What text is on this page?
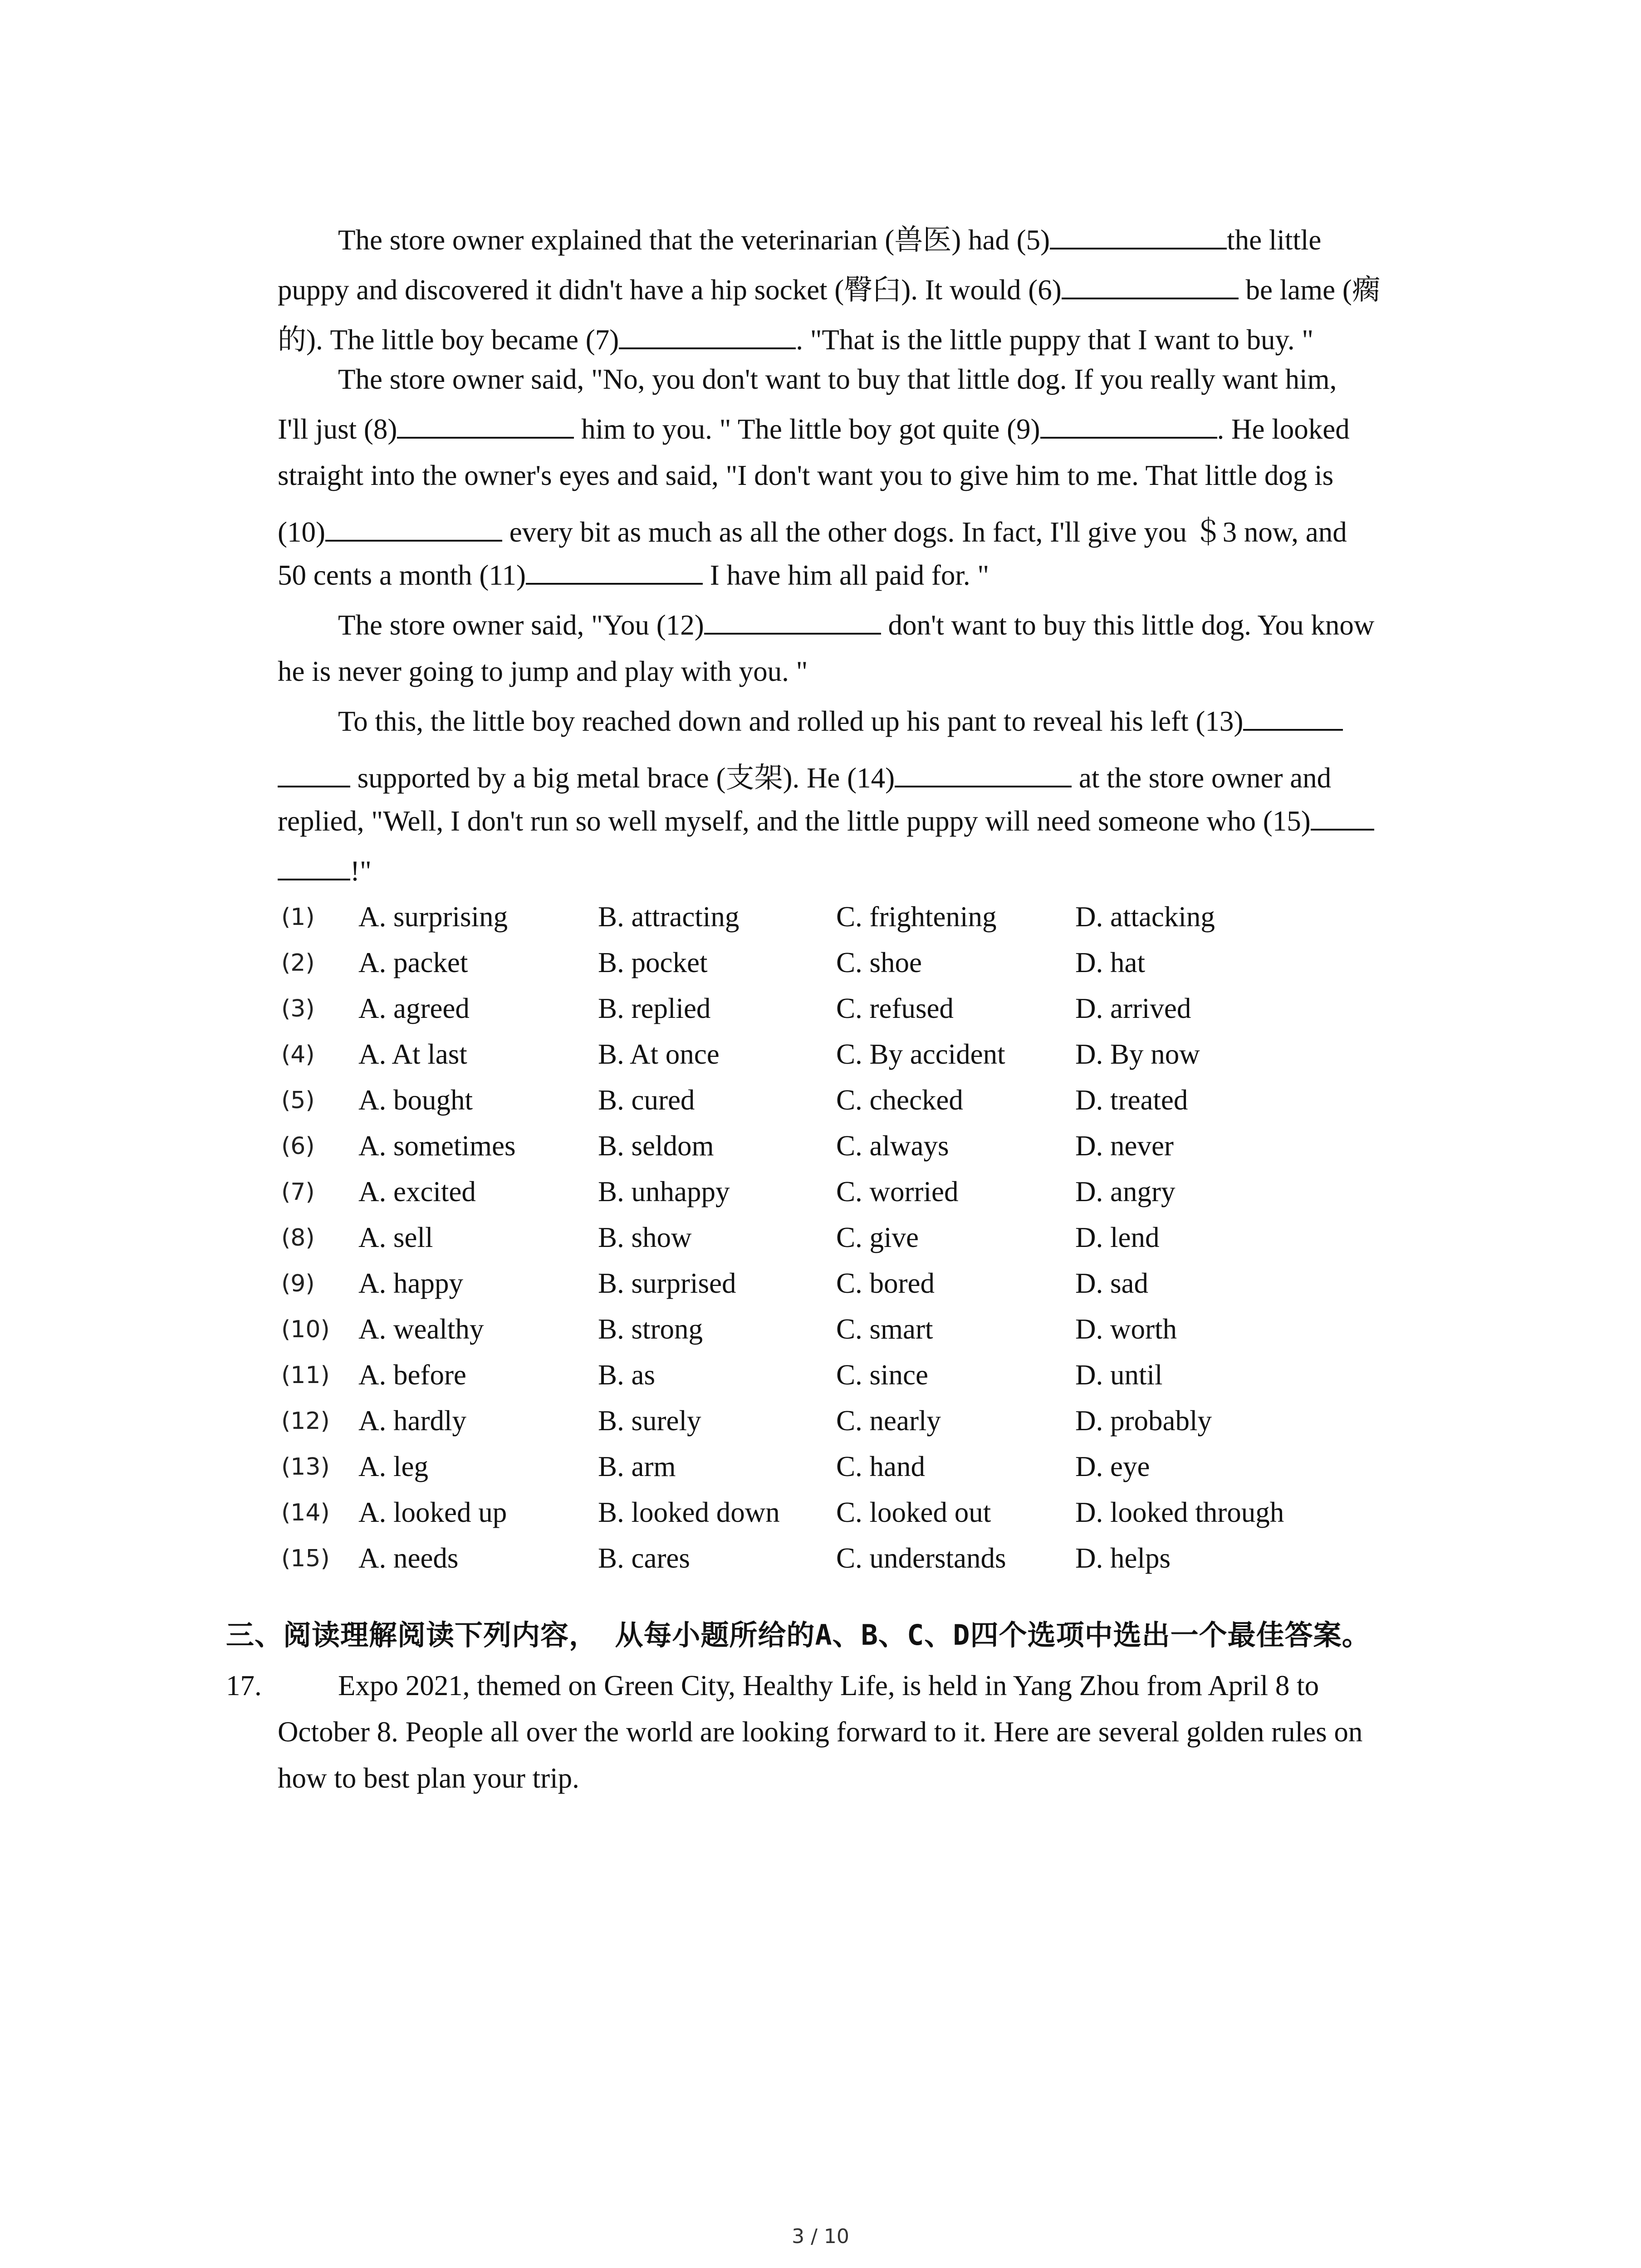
The store owner explained that the veterinarian (兽医) had (5)	the little
puppy and discovered it didn't have a hip socket (臀臼). It would (6)	be lame (瘸
的). The little boy became (7)	. "That is the little puppy that I want to buy. "
The store owner said, "No, you don't want to buy that little dog. If you really want him,
I'll just (8)	him to you. " The little boy got quite (9)	. He looked
straight into the owner's eyes and said, "I don't want you to give him to me. That little dog is
(10)	every bit as much as all the other dogs. In fact, I'll give you ＄3 now, and
50 cents a month (11)	I have him all paid for. "
The store owner said, "You (12)	don't want to buy this little dog. You know
he is never going to jump and play with you. "
To this, the little boy reached down and rolled up his pant to reveal his left (13)
supported by a big metal brace (支架). He (14)	at the store owner and
replied, "Well, I don't run so well myself, and the little puppy will need someone who (15)
!"
(1) A. surprising	B. attracting	C. frightening	D. attacking
(2) A. packet	B. pocket	C. shoe	D. hat
(3) A. agreed	B. replied	C. refused	D. arrived
(4) A. At last	B. At once	C. By accident D. By now
(5) A. bought	B. cured	C. checked	D. treated
(6) A. sometimes	B. seldom	C. always	D. never
(7) A. excited	B. unhappy	C. worried	D. angry
(8) A. sell	B. show	C. give	D. lend
(9) A. happy	B. surprised	C. bored	D. sad
(10) A. wealthy	B. strong	C. smart	D. worth
(11) A. before	B. as	C. since	D. until
(12) A. hardly	B. surely	C. nearly	D. probably
(13) A. leg	B. arm	C. hand	D. eye
(14) A. looked up	B. looked down C. looked out	D. looked through
(15) A. needs	B. cares	C. understands D. helps
三、阅读理解阅读下列内容， 从每小题所给的A、B、C、D四个选项中选出一个最佳答案。
17.	Expo 2021, themed on Green City, Healthy Life, is held in Yang Zhou from April 8 to
October 8. People all over the world are looking forward to it. Here are several golden rules on
how to best plan your trip.
3 / 10
